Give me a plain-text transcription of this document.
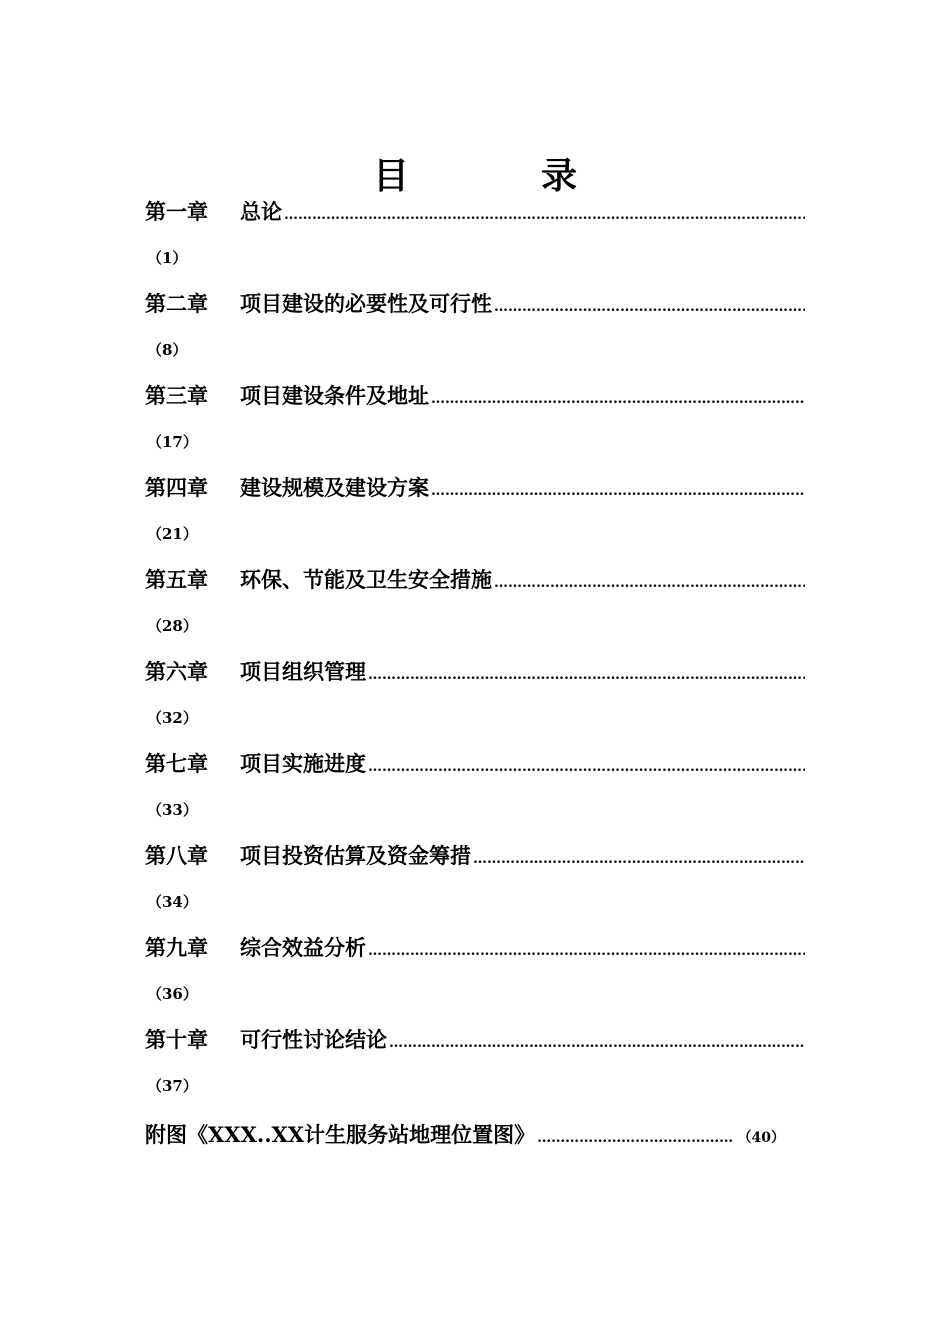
目　录
第一章	总论
………………………………………………………………………………………………………………………………………………………………………………
（1）
第二章	项目建设的必要性及可行性
………………………………………………………………………………………………………………………………………………………………………………
（8）
第三章	项目建设条件及地址
………………………………………………………………………………………………………………………………………………………………………………
（17）
第四章	建设规模及建设方案
………………………………………………………………………………………………………………………………………………………………………………
（21）
第五章	环保、节能及卫生安全措施
………………………………………………………………………………………………………………………………………………………………………………
（28）
第六章	项目组织管理
………………………………………………………………………………………………………………………………………………………………………………
（32）
第七章	项目实施进度
………………………………………………………………………………………………………………………………………………………………………………
（33）
第八章	项目投资估算及资金筹措
………………………………………………………………………………………………………………………………………………………………………………
（34）
第九章	综合效益分析
………………………………………………………………………………………………………………………………………………………………………………
（36）
第十章	可行性讨论结论
………………………………………………………………………………………………………………………………………………………………………………
（37）
附图《XXX..XX计生服务站地理位置图》
………………………………………………………………………………………………………………………………………………………………………………	（40）
